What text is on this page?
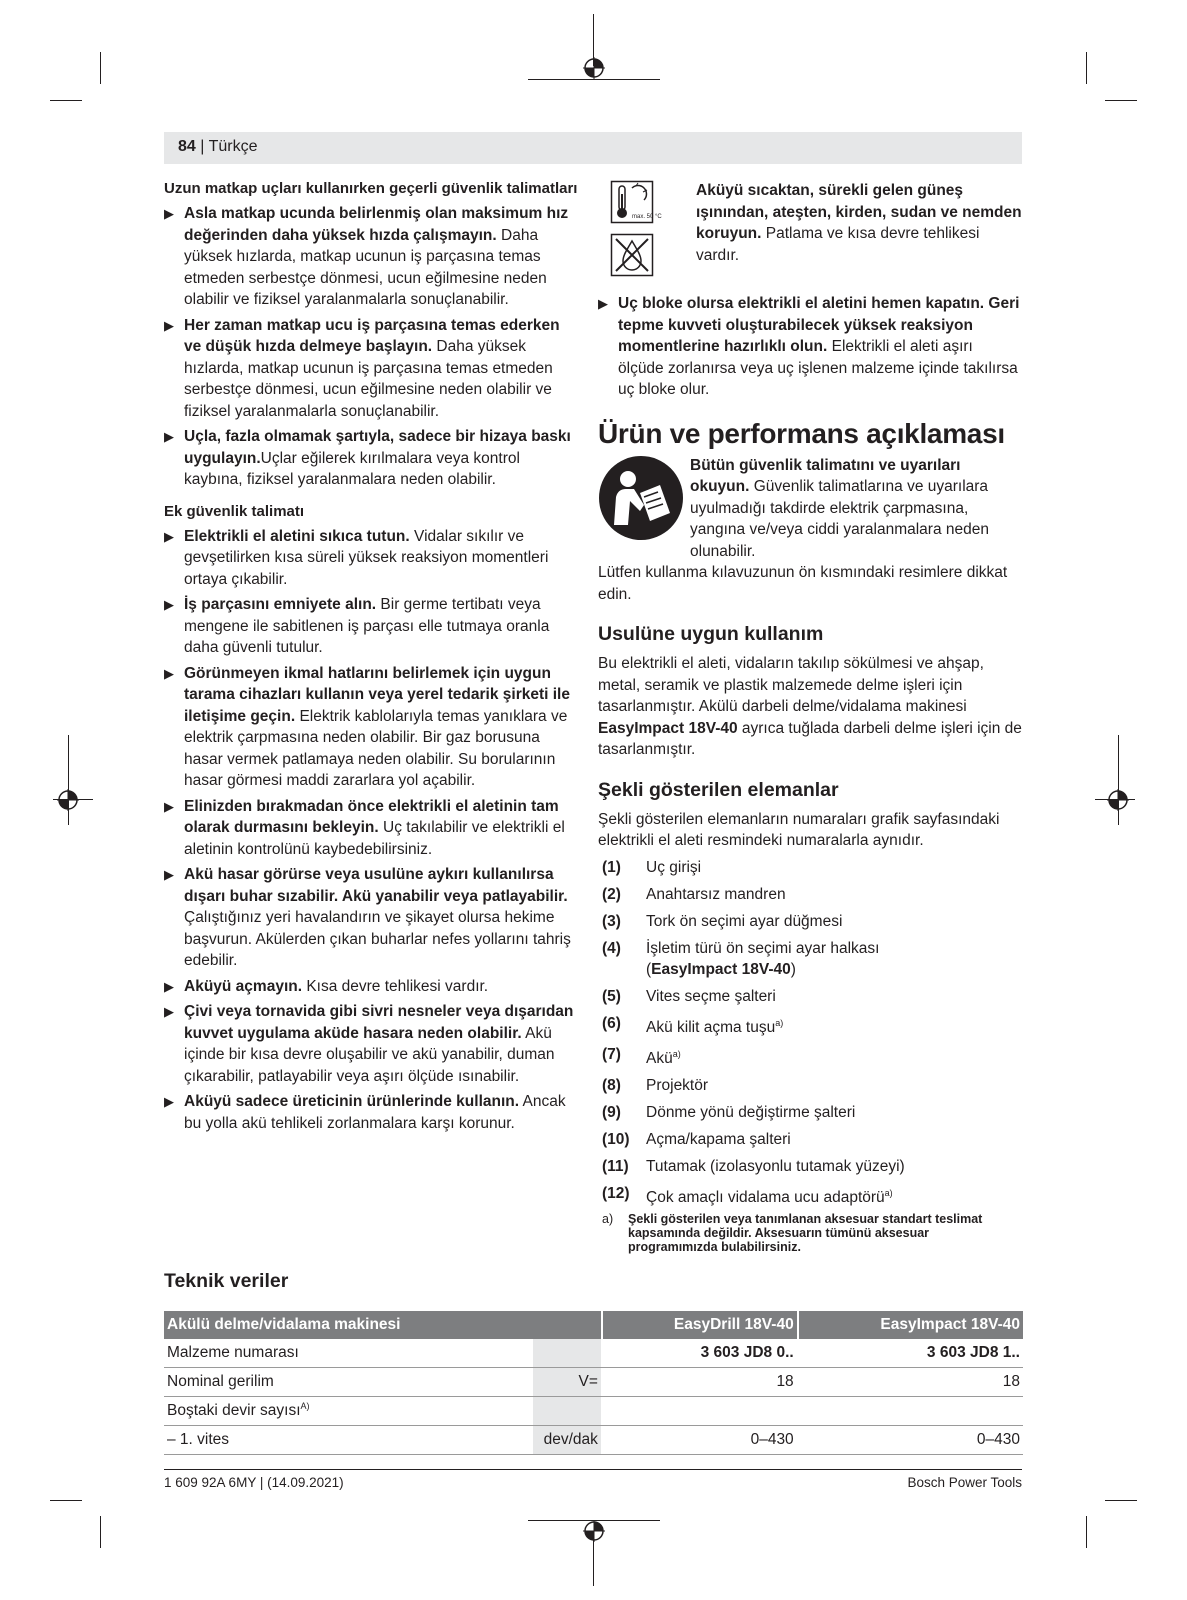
84 | Türkçe

Uzun matkap uçları kullanırken geçerli güvenlik talimatları

▶ Asla matkap ucunda belirlenmiş olan maksimum hız değerinden daha yüksek hızda çalışmayın. Daha yüksek hızlarda, matkap ucunun iş parçasına temas etmeden serbestçe dönmesi, ucun eğilmesine neden olabilir ve fiziksel yaralanmalarla sonuçlanabilir.
▶ Her zaman matkap ucu iş parçasına temas ederken ve düşük hızda delmeye başlayın. Daha yüksek hızlarda, matkap ucunun iş parçasına temas etmeden serbestçe dönmesi, ucun eğilmesine neden olabilir ve fiziksel yaralanmalarla sonuçlanabilir.
▶ Uçla, fazla olmamak şartıyla, sadece bir hizaya baskı uygulayın.Uçlar eğilerek kırılmalara veya kontrol kaybına, fiziksel yaralanmalara neden olabilir.

Ek güvenlik talimatı

▶ Elektrikli el aletini sıkıca tutun. Vidalar sıkılır ve gevşetilirken kısa süreli yüksek reaksiyon momentleri ortaya çıkabilir.
▶ İş parçasını emniyete alın. Bir germe tertibatı veya mengene ile sabitlenen iş parçası elle tutmaya oranla daha güvenli tutulur.
▶ Görünmeyen ikmal hatlarını belirlemek için uygun tarama cihazları kullanın veya yerel tedarik şirketi ile iletişime geçin. Elektrik kablolarıyla temas yanıklara ve elektrik çarpmasına neden olabilir. Bir gaz borusuna hasar vermek patlamaya neden olabilir. Su borularının hasar görmesi maddi zararlara yol açabilir.
▶ Elinizden bırakmadan önce elektrikli el aletinin tam olarak durmasını bekleyin. Uç takılabilir ve elektrikli el aletinin kontrolünü kaybedebilirsiniz.
▶ Akü hasar görürse veya usulüne aykırı kullanılırsa dışarı buhar sızabilir. Akü yanabilir veya patlayabilir. Çalıştığınız yeri havalandırın ve şikayet olursa hekime başvurun. Akülerden çıkan buharlar nefes yollarını tahriş edebilir.
▶ Aküyü açmayın. Kısa devre tehlikesi vardır.
▶ Çivi veya tornavida gibi sivri nesneler veya dışarıdan kuvvet uygulama aküde hasara neden olabilir. Akü içinde bir kısa devre oluşabilir ve akü yanabilir, duman çıkarabilir, patlayabilir veya aşırı ölçüde ısınabilir.
▶ Aküyü sadece üreticinin ürünlerinde kullanın. Ancak bu yolla akü tehlikeli zorlanmalara karşı korunur.
max. 50 °C

Aküyü sıcaktan, sürekli gelen güneş ışınından, ateşten, kirden, sudan ve nemden koruyun. Patlama ve kısa devre tehlikesi vardır.

▶ Uç bloke olursa elektrikli el aletini hemen kapatın. Geri tepme kuvveti oluşturabilecek yüksek reaksiyon momentlerine hazırlıklı olun. Elektrikli el aleti aşırı ölçüde zorlanırsa veya uç işlenen malzeme içinde takılırsa uç bloke olur.
Ürün ve performans açıklaması

Bütün güvenlik talimatını ve uyarıları okuyun. Güvenlik talimatlarına ve uyarılara uyulmadığı takdirde elektrik çarpmasına, yangına ve/veya ciddi yaralanmalara neden olunabilir.

Lütfen kullanma kılavuzunun ön kısmındaki resimlere dikkat edin.

Usulüne uygun kullanım

Bu elektrikli el aleti, vidaların takılıp sökülmesi ve ahşap, metal, seramik ve plastik malzemede delme işleri için tasarlanmıştır. Akülü darbeli delme/vidalama makinesi EasyImpact 18V-40 ayrıca tuğlada darbeli delme işleri için de tasarlanmıştır.

Şekli gösterilen elemanlar

Şekli gösterilen elemanların numaraları grafik sayfasındaki elektrikli el aleti resmindeki numaralarla aynıdır.

(1)	Uç girişi
(2)	Anahtarsız mandren
(3)	Tork ön seçimi ayar düğmesi
(4)	İşletim türü ön seçimi ayar halkası
(EasyImpact 18V-40)
(5)	Vites seçme şalteri
(6)	Akü kilit açma tuşu$^{a)}$
(7)	Akü$^{a)}$
(8)	Projektör
(9)	Dönme yönü değiştirme şalteri
(10)	Açma/kapama şalteri
(11)	Tutamak (izolasyonlu tutamak yüzeyi)
(12)	Çok amaçlı vidalama ucu adaptörü$^{a)}$
a)	Şekli gösterilen veya tanımlanan aksesuar standart teslimat kapsamında değildir. Aksesuarın tümünü aksesuar programımızda bulabilirsiniz.
Teknik veriler
Akülü delme/vidalama makinesi			EasyDrill 18V-40		EasyImpact 18V-40
Malzeme numarası			3 603 JD8 0..		3 603 JD8 1..
Nominal gerilim	V=		18		18
Boştaki devir sayısı$^{A)}$					
– 1. vites	dev/dak		0–430		0–430
1 609 92A 6MY | (14.09.2021)	Bosch Power Tools
